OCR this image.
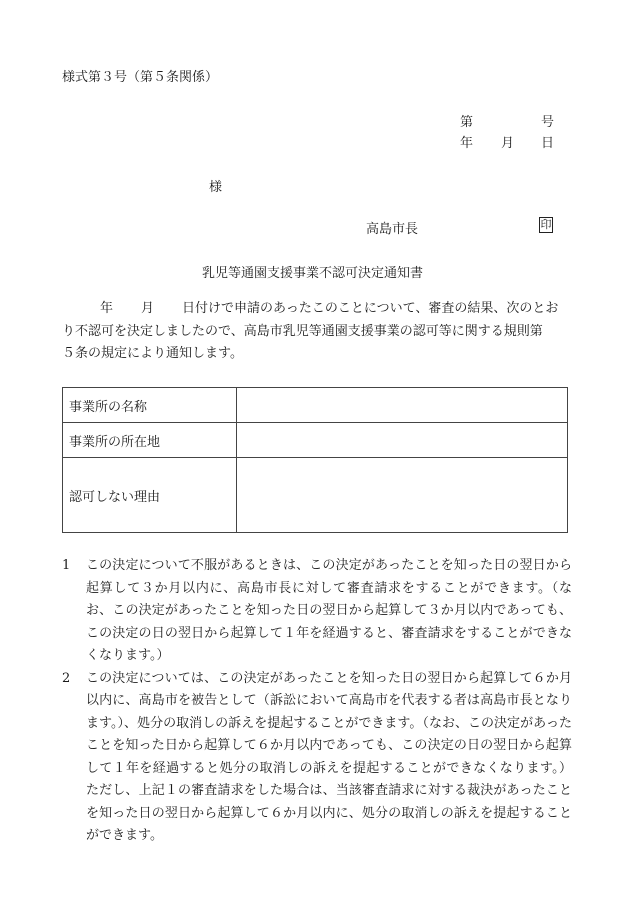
様式第３号（第５条関係）
第	号
年 月 日
様
高島市長	印
乳児等通園支援事業不認可決定通知書
年 月 日付けで申請のあったこのことについて、審査の結果、次のとお
り不認可を決定しましたので、高島市乳児等通園支援事業の認可等に関する規則第
５条の規定により通知します。
事業所の名称	
事業所の所在地	
認可しない理由	
1	この決定について不服があるときは、この決定があったことを知った日の翌日から起算して３か月以内に、高島市長に対して審査請求をすることができます。（なお、この決定があったことを知った日の翌日から起算して３か月以内であっても、この決定の日の翌日から起算して１年を経過すると、審査請求をすることができなくなります。）
2	この決定については、この決定があったことを知った日の翌日から起算して６か月以内に、高島市を被告として（訴訟において高島市を代表する者は高島市長となります。）、処分の取消しの訴えを提起することができます。（なお、この決定があったことを知った日から起算して６か月以内であっても、この決定の日の翌日から起算して１年を経過すると処分の取消しの訴えを提起することができなくなります。）ただし、上記１の審査請求をした場合は、当該審査請求に対する裁決があったことを知った日の翌日から起算して６か月以内に、処分の取消しの訴えを提起することができます。
